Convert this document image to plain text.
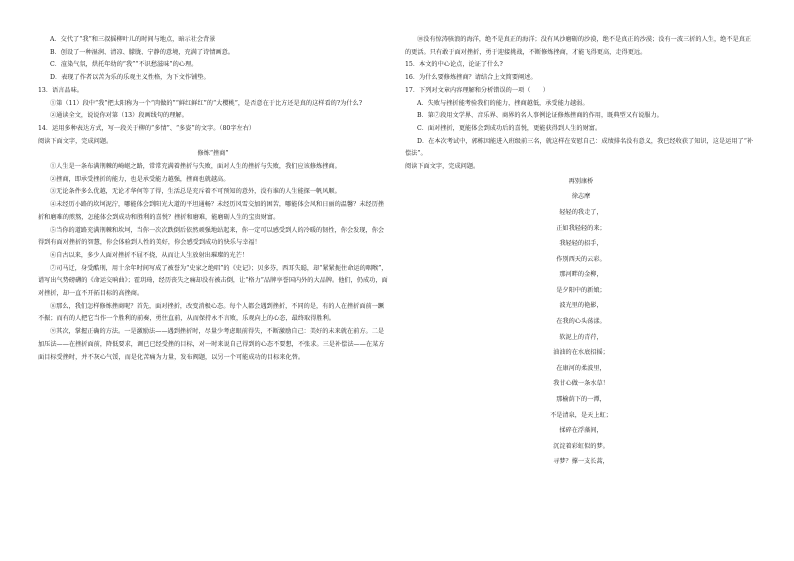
A．交代了“我”和三叔摇柳叶儿的时间与地点，暗示社会背景

B．创设了一种湿润、清凉、朦胧、宁静的意境，充满了诗情画意。

C．渲染气氛，烘托年幼的“我”“不识愁滋味”的心理。

D．表现了作者以苦为乐的乐观主义性格，为下文作铺垫。

13．语言品味。

①第（11）段中“我”把太阳称为一个“肉做的”“鲜红鲜红”的“大樱桃”，是否意在于比方还是真的这样看的?为什么?

②通读全文，说说你对第（13）段画线句的理解。

14．运用多种表达方式，写一段关于柳的“多情”、“多姿”的文字。（80字左右）

阅读下面文字，完成问题。

修炼“挫商”

①人生是一条布满荆棘的崎岖之路，常常充满着挫折与失败，面对人生的挫折与失败，我们应该修炼挫商。

②挫商，即承受挫折的能力，也是承受能力越强，挫商也就越高。

③无论条件多么优越，无论才华何等了得，生活总是充斥着不可预知的意外，没有谁的人生能探一帆风顺。

④未经历小路的坎坷泥泞，哪能体会到阳光大道的平坦通畅？未经历风雪交加的困苦，哪能体会风和日丽的温馨？未经历挫折和磨难的煎熬，怎能体会到成功和胜利的喜悦？挫折和磨难，能磨砺人生的宝贵财富。

⑤当你的道路充满荆棘和坎坷，当你一次次跌倒后依然顽强地站起来，你一定可以感受到人的冷暖的韧性，你会发现，你会得到有面对挫折的智慧，你会体验到人性的美好，你会感受到成功的快乐与幸福！

⑥自古以来，多少人面对挫折不屈不挠，从而让人生放射出璀璨的光芒！

⑦司马迁，身受酷刑，用十余年时间写成了被誉为“史家之绝唱”的《史记》；贝多芬，西耳失聪，却“紧紧扼住命运的咽喉”，谱写出气势磅礴的《命运交响曲》；霍玥琦，经历丧失之痛却没有被击倒，让“格力”品牌享誉国内外的大品牌。他们，仍成功，面对挫折，却一直不开拓目标的高挫商。

⑧那么，我们怎样修炼挫商呢？首先，面对挫折，改变消极心态。每个人都会遇到挫折，不同的是，有的人在挫折面前一蹶不振；而有的人把它当作一个胜利的前奏，勇往直前，从而保持永不言败，乐观向上的心态，最终取得胜利。

⑨其次，掌握正确的方法。一是激励法——遇到挫折时，尽量少考虑眼前得失，不断激励自己：美好的未来就在前方。二是加压法——在挫折面前，降低要求，调已已经受挫的目标，对一时来说自己得到的心态不要想，不张求。三是补偿法——在某方面目标受挫时，并不灰心气馁，而是化苦痛为力量，发布阀题，以另一个可能成功的目标来化替。

⑩没有惊涛骇浪的海洋，绝不是真正的海洋；没有风沙磨砺的沙漠，绝不是真正的沙漠；没有一波三折的人生，绝不是真正的更活。只有敢于面对挫折，勇于迎接挑战，不断修炼挫商，才能飞得更高，走得更远。

15．本文的中心论点，论证了什么?

16．为什么要修炼挫商？请结合上文简要阐述。

17．下列对文章内容理解和分析错误的一项（　　）

A．失败与挫折能考验我们的能力，挫商越低，承受能力越弱。

B．第⑦段用文学界、音乐界、商界的名人事例论证修炼挫商的作用，既典型又有说服力。

C．面对挫折，更能体会到成功后的喜悦，更能获得到人生的财富。

D．在本次考试中，郭栋因能进入班级前三名，就这样在安慰自己：成绩排名没有意义，我已经收获了知识，这是运用了“补偿法”。

阅读下面文字，完成问题。

再别康桥

徐志摩

轻轻的我走了，

正如我轻轻的来；

我轻轻的招手，

作别西天的云彩。

那河畔的金柳，

是夕阳中的新娘；

波光里的艳影，

在我的心头荡漾。

软泥上的青荇，

油油的在水底招摇；

在康河的柔波里，

我甘心做一条水草！

那榆荫下的一潭，

不是清泉，是天上虹；

揉碎在浮藻间，

沉淀着彩虹似的梦。

寻梦？撑一支长蒿，
